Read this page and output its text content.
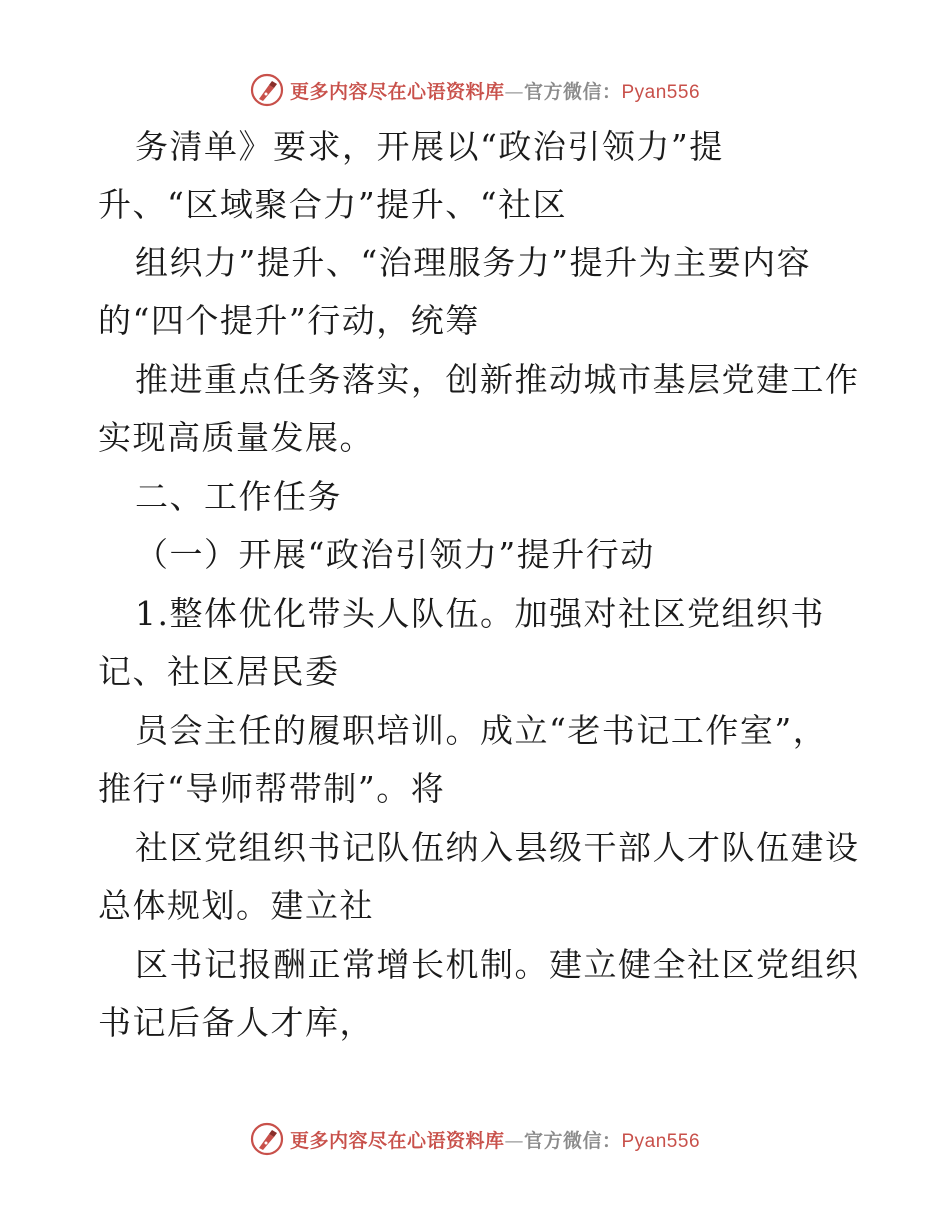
更多内容尽在心语资料库—官方微信：Pyan556
务清单》要求，开展以“政治引领力”提
升、“区域聚合力”提升、“社区
组织力”提升、“治理服务力”提升为主要内容
的“四个提升”行动，统筹
推进重点任务落实，创新推动城市基层党建工作
实现高质量发展。
二、工作任务
（一）开展“政治引领力”提升行动
1.整体优化带头人队伍。加强对社区党组织书
记、社区居民委
员会主任的履职培训。成立“老书记工作室”，
推行“导师帮带制”。将
社区党组织书记队伍纳入县级干部人才队伍建设
总体规划。建立社
区书记报酬正常增长机制。建立健全社区党组织
书记后备人才库，
更多内容尽在心语资料库—官方微信：Pyan556
